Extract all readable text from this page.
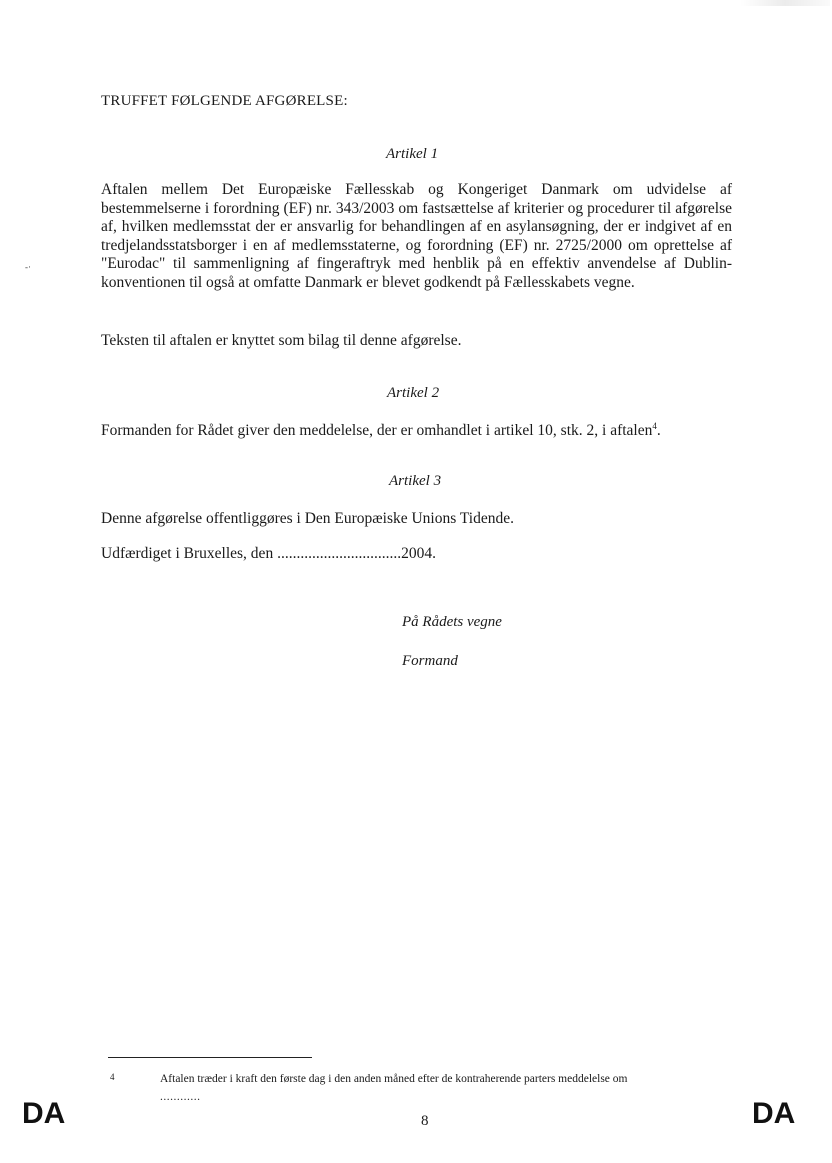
TRUFFET FØLGENDE AFGØRELSE:
Artikel 1
Aftalen mellem Det Europæiske Fællesskab og Kongeriget Danmark om udvidelse af bestemmelserne i forordning (EF) nr. 343/2003 om fastsættelse af kriterier og procedurer til afgørelse af, hvilken medlemsstat der er ansvarlig for behandlingen af en asylansøgning, der er indgivet af en tredjelandsstatsborger i en af medlemsstaterne, og forordning (EF) nr. 2725/2000 om oprettelse af "Eurodac" til sammenligning af fingeraftryk med henblik på en effektiv anvendelse af Dublin-konventionen til også at omfatte Danmark er blevet godkendt på Fællesskabets vegne.
Teksten til aftalen er knyttet som bilag til denne afgørelse.
-·
Artikel 2
Formanden for Rådet giver den meddelelse, der er omhandlet i artikel 10, stk. 2, i aftalen$^4$.
Artikel 3
Denne afgørelse offentliggøres i Den Europæiske Unions Tidende.
Udfærdiget i Bruxelles, den ................................2004.
På Rådets vegne
Formand
4	Aftalen træder i kraft den første dag i den anden måned efter de kontraherende parters meddelelse om
............
DA	8	DA
